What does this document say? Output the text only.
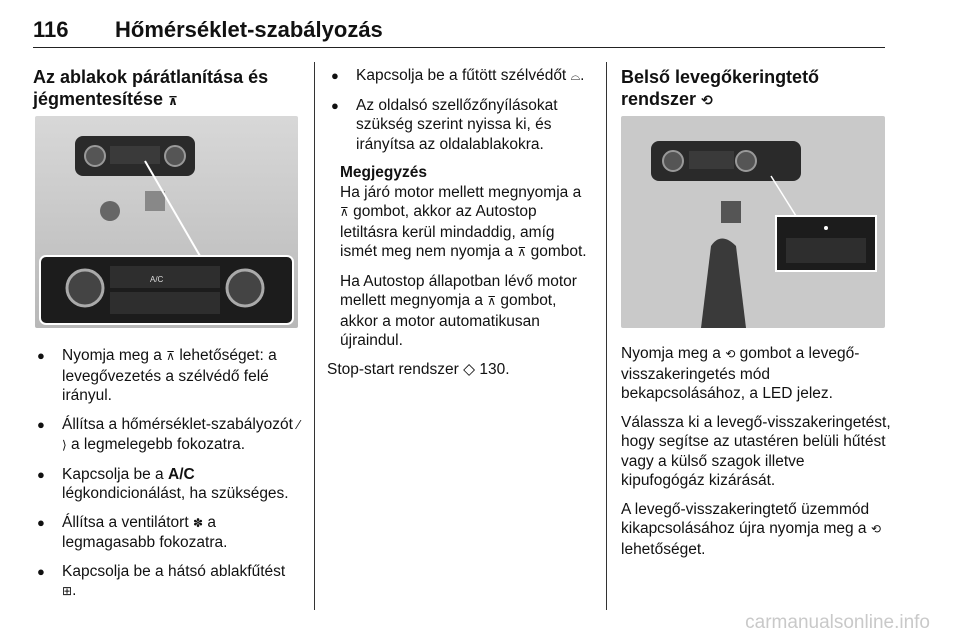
116 Hőmérséklet-szabályozás
Az ablakok párátlanítása és
jégmentesítése ⊼
A/C
● Nyomja meg a ⊼ lehetőséget: a levegővezetés a szélvédő felé irányul.
● Állítsa a hőmérséklet-szabályozót ⁄ ⟩ a legmelegebb fokozatra.
● Kapcsolja be a A/C légkondicionálást, ha szükséges.
● Állítsa a ventilátort ✽ a legmagasabb fokozatra.
● Kapcsolja be a hátsó ablakfűtést ⊞.
● Kapcsolja be a fűtött szélvédőt ⌓.
● Az oldalsó szellőzőnyílásokat szükség szerint nyissa ki, és irányítsa az oldalablakokra.
Megjegyzés

Ha járó motor mellett megnyomja a ⊼ gombot, akkor az Autostop letiltásra kerül mindaddig, amíg ismét meg nem nyomja a ⊼ gombot.

Ha Autostop állapotban lévő motor mellett megnyomja a ⊼ gombot, akkor a motor automatikusan újraindul.

Stop-start rendszer ◇ 130.

Belső levegőkeringtető
rendszer ⟲

Nyomja meg a ⟲ gombot a levegő-visszakeringetés mód bekapcsolásához, a LED jelez.

Válassza ki a levegő-visszakeringetést, hogy segítse az utastéren belüli hűtést vagy a külső szagok illetve kipufogógáz kizárását.

A levegő-visszakeringtető üzemmód kikapcsolásához újra nyomja meg a ⟲ lehetőséget.

carmanualsonline.info
